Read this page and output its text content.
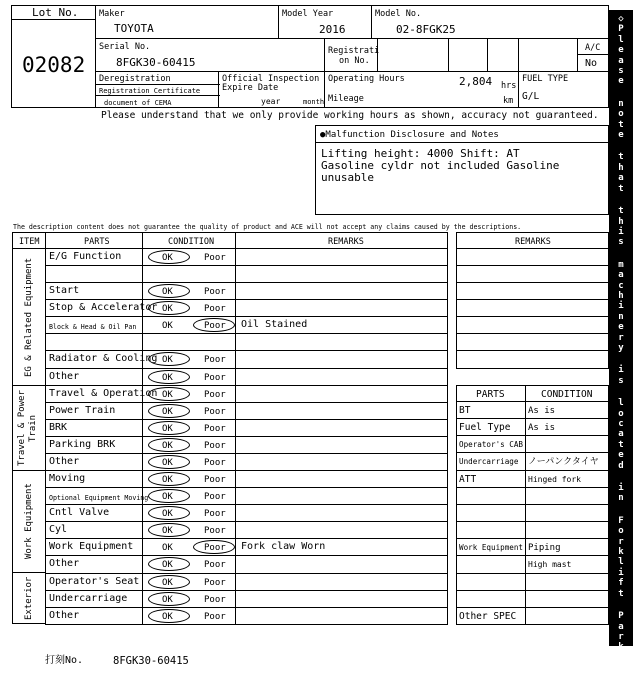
Lot No.
02082
Maker
TOYOTA
Model Year
2016
Model No.
02-8FGK25
Serial No.
8FGK30-60415
Registrati
on No.
A/C
No
Deregistration
Registration Certificate
document of CEMA
Official Inspection
Expire Date
year	month
Operating Hours	2,804 hrs
Mileage	km
FUEL TYPE
G/L
Please understand that we only provide working hours as shown, accuracy not guaranteed.
●Malfunction Disclosure and Notes
Lifting height: 4000 Shift: AT
Gasoline cyldr not included Gasoline
unusable
The description content does not guarantee the quality of product and ACE will not accept any claims caused by the descriptions.
ITEM	PARTS	CONDITION	REMARKS
EG & Related Equipment
Travel & Power Train
Work Equipment
Exterior
E/G Function	OK	Poor
Start	OK	Poor
Stop & Accelerator OK	Poor
Block & Head & Oil Pan	OK	Poor Oil Stained
Radiator & Cooling OK	Poor
Other	OK	Poor
Travel & Operation OK	Poor
Power Train	OK	Poor
BRK	OK	Poor
Parking BRK	OK	Poor
Other	OK	Poor
Moving	OK	Poor
Optional Equipment Moving OK	Poor
Cntl Valve	OK	Poor
Cyl	OK	Poor
Work Equipment	OK	Poor Fork claw Worn
Other	OK	Poor
Operator's Seat	OK	Poor
Undercarriage	OK	Poor
Other	OK	Poor
REMARKS
PARTS	CONDITION
BT	As is
Fuel Type As is
Operator's CAB
Undercarriage ノーパンクタイヤ
ATT	Hinged fork
Work Equipment Piping
High mast
Other SPEC
打刻No.	8FGK30-60415
◇
P
l
e
a
s
e

n
o
t
e

t
h
a
t

t
h
i
s

m
a
c
h
i
n
e
r
y

i
s

l
o
c
a
t
e
d

i
n

F
o
r
k
l
i
f
t

P
a
r
k
i
n
g
◇
